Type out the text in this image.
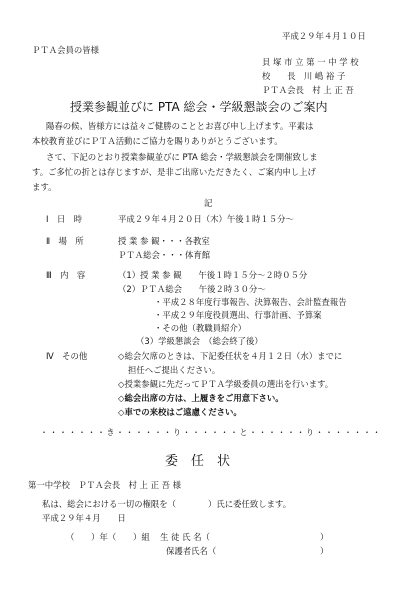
平成２９年４月１０日
ＰＴＡ会員の皆様
貝 塚 市 立 第 一 中 学 校
校　　長　川 嶋 裕 子
ＰＴＡ会長　村 上 正 吾
授業参観並びに PTA 総会・学級懇談会のご案内
陽春の候、皆様方には益々ご健勝のこととお喜び申し上げます。平素は
本校教育並びにＰＴＡ活動にご協力を賜りありがとうございます。
さて、下記のとおり授業参観並びに PTA 総会・学級懇談会を開催致しま
す。ご多忙の折とは存じますが、是非ご出席いただきたく、ご案内申し上げ
ます。
記
Ⅰ　日　時	平成２９年４月２０日（木）午後１時１５分～
Ⅱ　場　所	授 業 参 観・・・各教室
ＰＴＡ総会・・・体育館
Ⅲ　内　容	（1）授 業 参 観　　午後１時１５分～２時０５分
（2）ＰＴＡ総会　　午後２時３０分～
・平成２８年度行事報告、決算報告、会計監査報告
・平成２９年度役員選出、行事計画、予算案
・その他（教職員紹介）
（3）学級懇談会　（総会終了後）
Ⅳ　その他	◇総会欠席のときは、下記委任状を４月１２日（水）までに
担任へご提出ください。
◇授業参観に先だってＰＴＡ学級委員の選出を行います。
◇総会出席の方は、上履きをご用意下さい。
◇車での来校はご遠慮ください。
・・・・・・・き・・・・・・り・・・・・・と・・・・・・り・・・・・・・
委　任　状
第一中学校　ＰＴＡ会長　村 上 正 吾 様
私は、総会における一切の権限を（	）氏に委任致します。
平成２９年４月　　日
（　　）年（　　）組 生 徒 氏 名（	）
保護者氏名（	）
